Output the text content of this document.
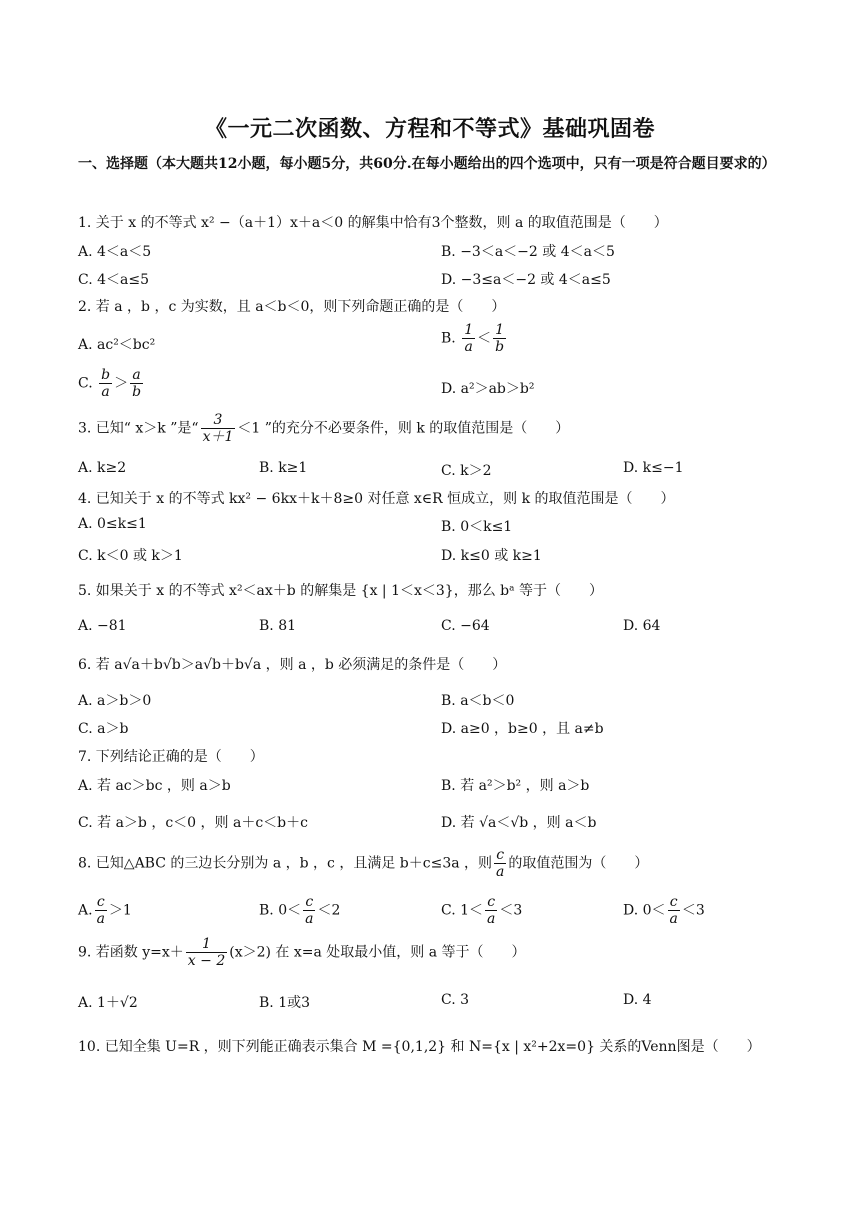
《一元二次函数、方程和不等式》基础巩固卷
一、选择题（本大题共12小题，每小题5分，共60分.在每小题给出的四个选项中，只有一项是符合题目要求的）
1. 关于 x 的不等式 x² −（a＋1）x＋a＜0 的解集中恰有3个整数，则 a 的取值范围是（　　）
A. 4＜a＜5	B. −3＜a＜−2 或 4＜a＜5
C. 4＜a≤5	D. −3≤a＜−2 或 4＜a≤5
2. 若 a ，b ，c 为实数，且 a＜b＜0，则下列命题正确的是（　　）
A. ac²＜bc²	B. $\frac{1}{a} < \frac{1}{b}$
C. $\frac{b}{a} > \frac{a}{b}$	D. a²＞ab＞b²
3. 已知“ x＞k ”是“ $\frac{3}{x+1} <1$ ”的充分不必要条件，则 k 的取值范围是（　　）
A. k≥2	B. k≥1	C. k＞2	D. k≤−1
4. 已知关于 x 的不等式 kx² − 6kx＋k＋8≥0 对任意 x∈R 恒成立，则 k 的取值范围是（　　）
A. 0≤k≤1	B. 0＜k≤1
C. k＜0 或 k＞1	D. k≤0 或 k≥1
5. 如果关于 x 的不等式 x²＜ax＋b 的解集是 {x | 1＜x＜3}，那么 bᵃ 等于（　　）
A. −81	B. 81	C. −64	D. 64
6. 若 a√a＋b√b＞a√b＋b√a ，则 a ，b 必须满足的条件是（　　）
A. a＞b＞0	B. a＜b＜0
C. a＞b	D. a≥0 ，b≥0 ，且 a≠b
7. 下列结论正确的是（　　）
A. 若 ac＞bc ，则 a＞b	B. 若 a²＞b² ，则 a＞b
C. 若 a＞b ，c＜0 ，则 a＋c＜b＋c	D. 若 √a＜√b ，则 a＜b
8. 已知△ABC 的三边长分别为 a ，b ，c ，且满足 b＋c≤3a ，则 $\frac{c}{a}$ 的取值范围为（　　）
A. $\frac{c}{a} >1$	B. $0< \frac{c}{a} <2$	C. $1< \frac{c}{a} <3$	D. $0< \frac{c}{a} <3$
9. 若函数 $y=x+ \frac{1}{x - 2} (x>2)$ 在 x=a 处取最小值，则 a 等于（　　）
A. 1＋√2	B. 1或3	C. 3	D. 4
10. 已知全集 U=R ，则下列能正确表示集合 M ={0,1,2} 和 N={x | x²+2x=0} 关系的Venn图是（　　）
